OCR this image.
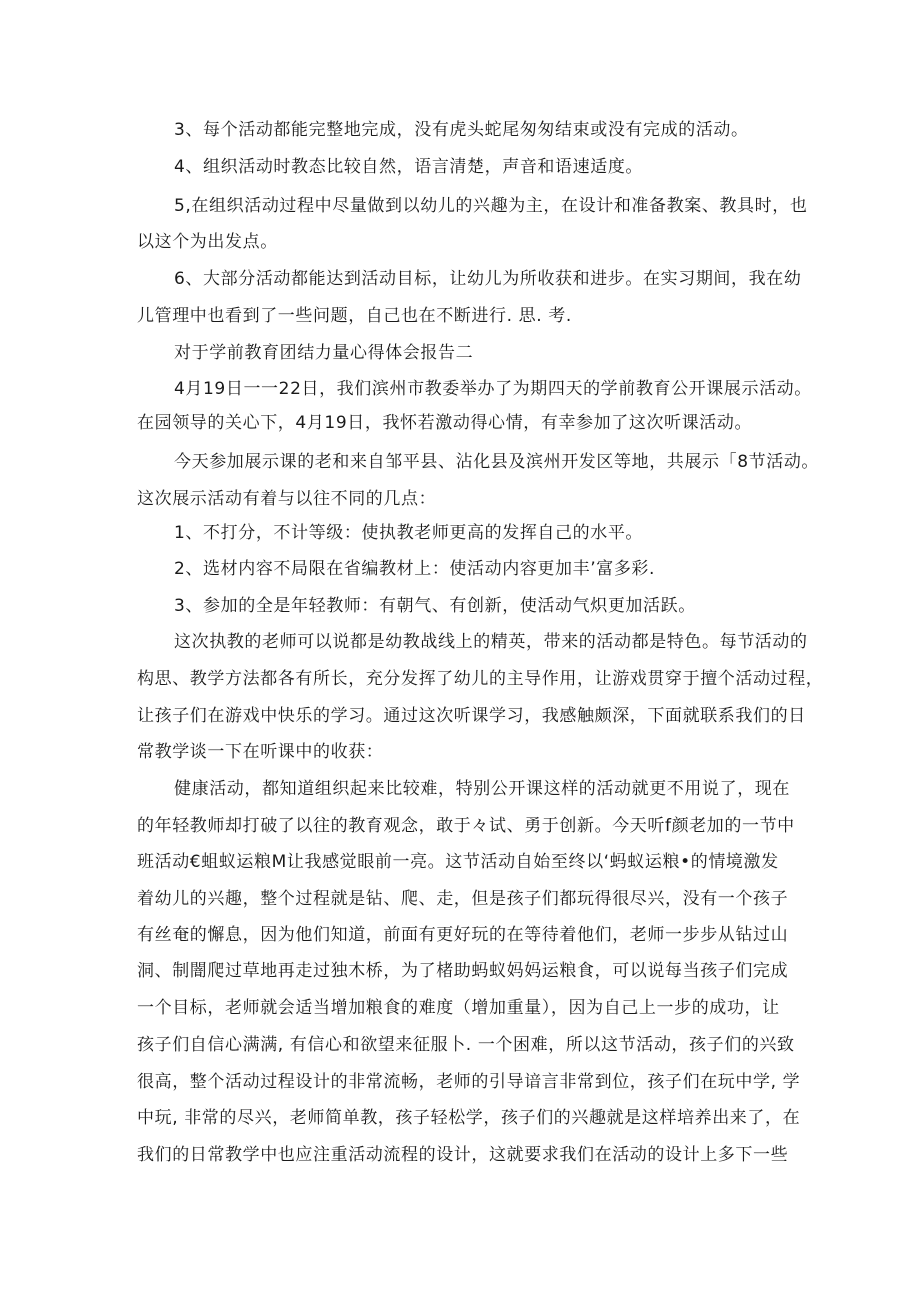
3、每个活动都能完整地完成，没有虎头蛇尾匆匆结束或没有完成的活动。
4、组织活动时教态比较自然，语言清楚，声音和语速适度。
5,在组织活动过程中尽量做到以幼儿的兴趣为主，在设计和准备教案、教具时，也
以这个为出发点。
6、大部分活动都能达到活动目标，让幼儿为所收获和进步。在实习期间，我在幼
儿管理中也看到了一些问题，自己也在不断进行. 思. 考.
对于学前教育团结力量心得体会报告二
4月19日一一22日，我们滨州市教委举办了为期四天的学前教育公开课展示活动。
在园领导的关心下，4月19日，我怀若激动得心情，有幸参加了这次听课活动。
今天参加展示课的老和来自邹平县、沾化县及滨州开发区等地，共展示「8节活动。
这次展示活动有着与以往不同的几点：
1、不打分，不计等级：使执教老师更高的发挥自己的水平。
2、选材内容不局限在省编教材上：使活动内容更加丰’富多彩.
3、参加的全是年轻教师：有朝气、有创新，使活动气炽更加活跃。
这次执教的老师可以说都是幼教战线上的精英，带来的活动都是特色。每节活动的
构思、教学方法都各有所长，充分发挥了幼儿的主导作用，让游戏贯穿于擅个活动过程，
让孩子们在游戏中快乐的学习。通过这次听课学习，我感触颇深，下面就联系我们的日
常教学谈一下在听课中的收获：
健康活动，都知道组织起来比较难，特别公开课这样的活动就更不用说了，现在
的年轻教师却打破了以往的教育观念，敢于々试、勇于创新。今天听f颜老加的一节中
班活动€蛆蚁运粮M让我感觉眼前一亮。这节活动自始至终以‘蚂蚁运粮•的情境激发
着幼儿的兴趣，整个过程就是钻、爬、走，但是孩子们都玩得很尽兴，没有一个孩子
有丝奄的懈息，因为他们知道，前面有更好玩的在等待着他们，老师一步步从钻过山
洞、制闇爬过草地再走过独木桥，为了楮助蚂蚁妈妈运粮食，可以说每当孩子们完成
一个目标，老师就会适当增加粮食的难度（增加重量），因为自己上一步的成功，让
孩子们自信心满满, 有信心和欲望来征服卜. 一个困难，所以这节活动，孩子们的兴致
很高，整个活动过程设计的非常流畅，老师的引导谙言非常到位，孩子们在玩中学, 学
中玩, 非常的尽兴，老师简单教，孩子轻松学，孩子们的兴趣就是这样培养出来了，在
我们的日常教学中也应注重活动流程的设计，这就要求我们在活动的设计上多下一些
